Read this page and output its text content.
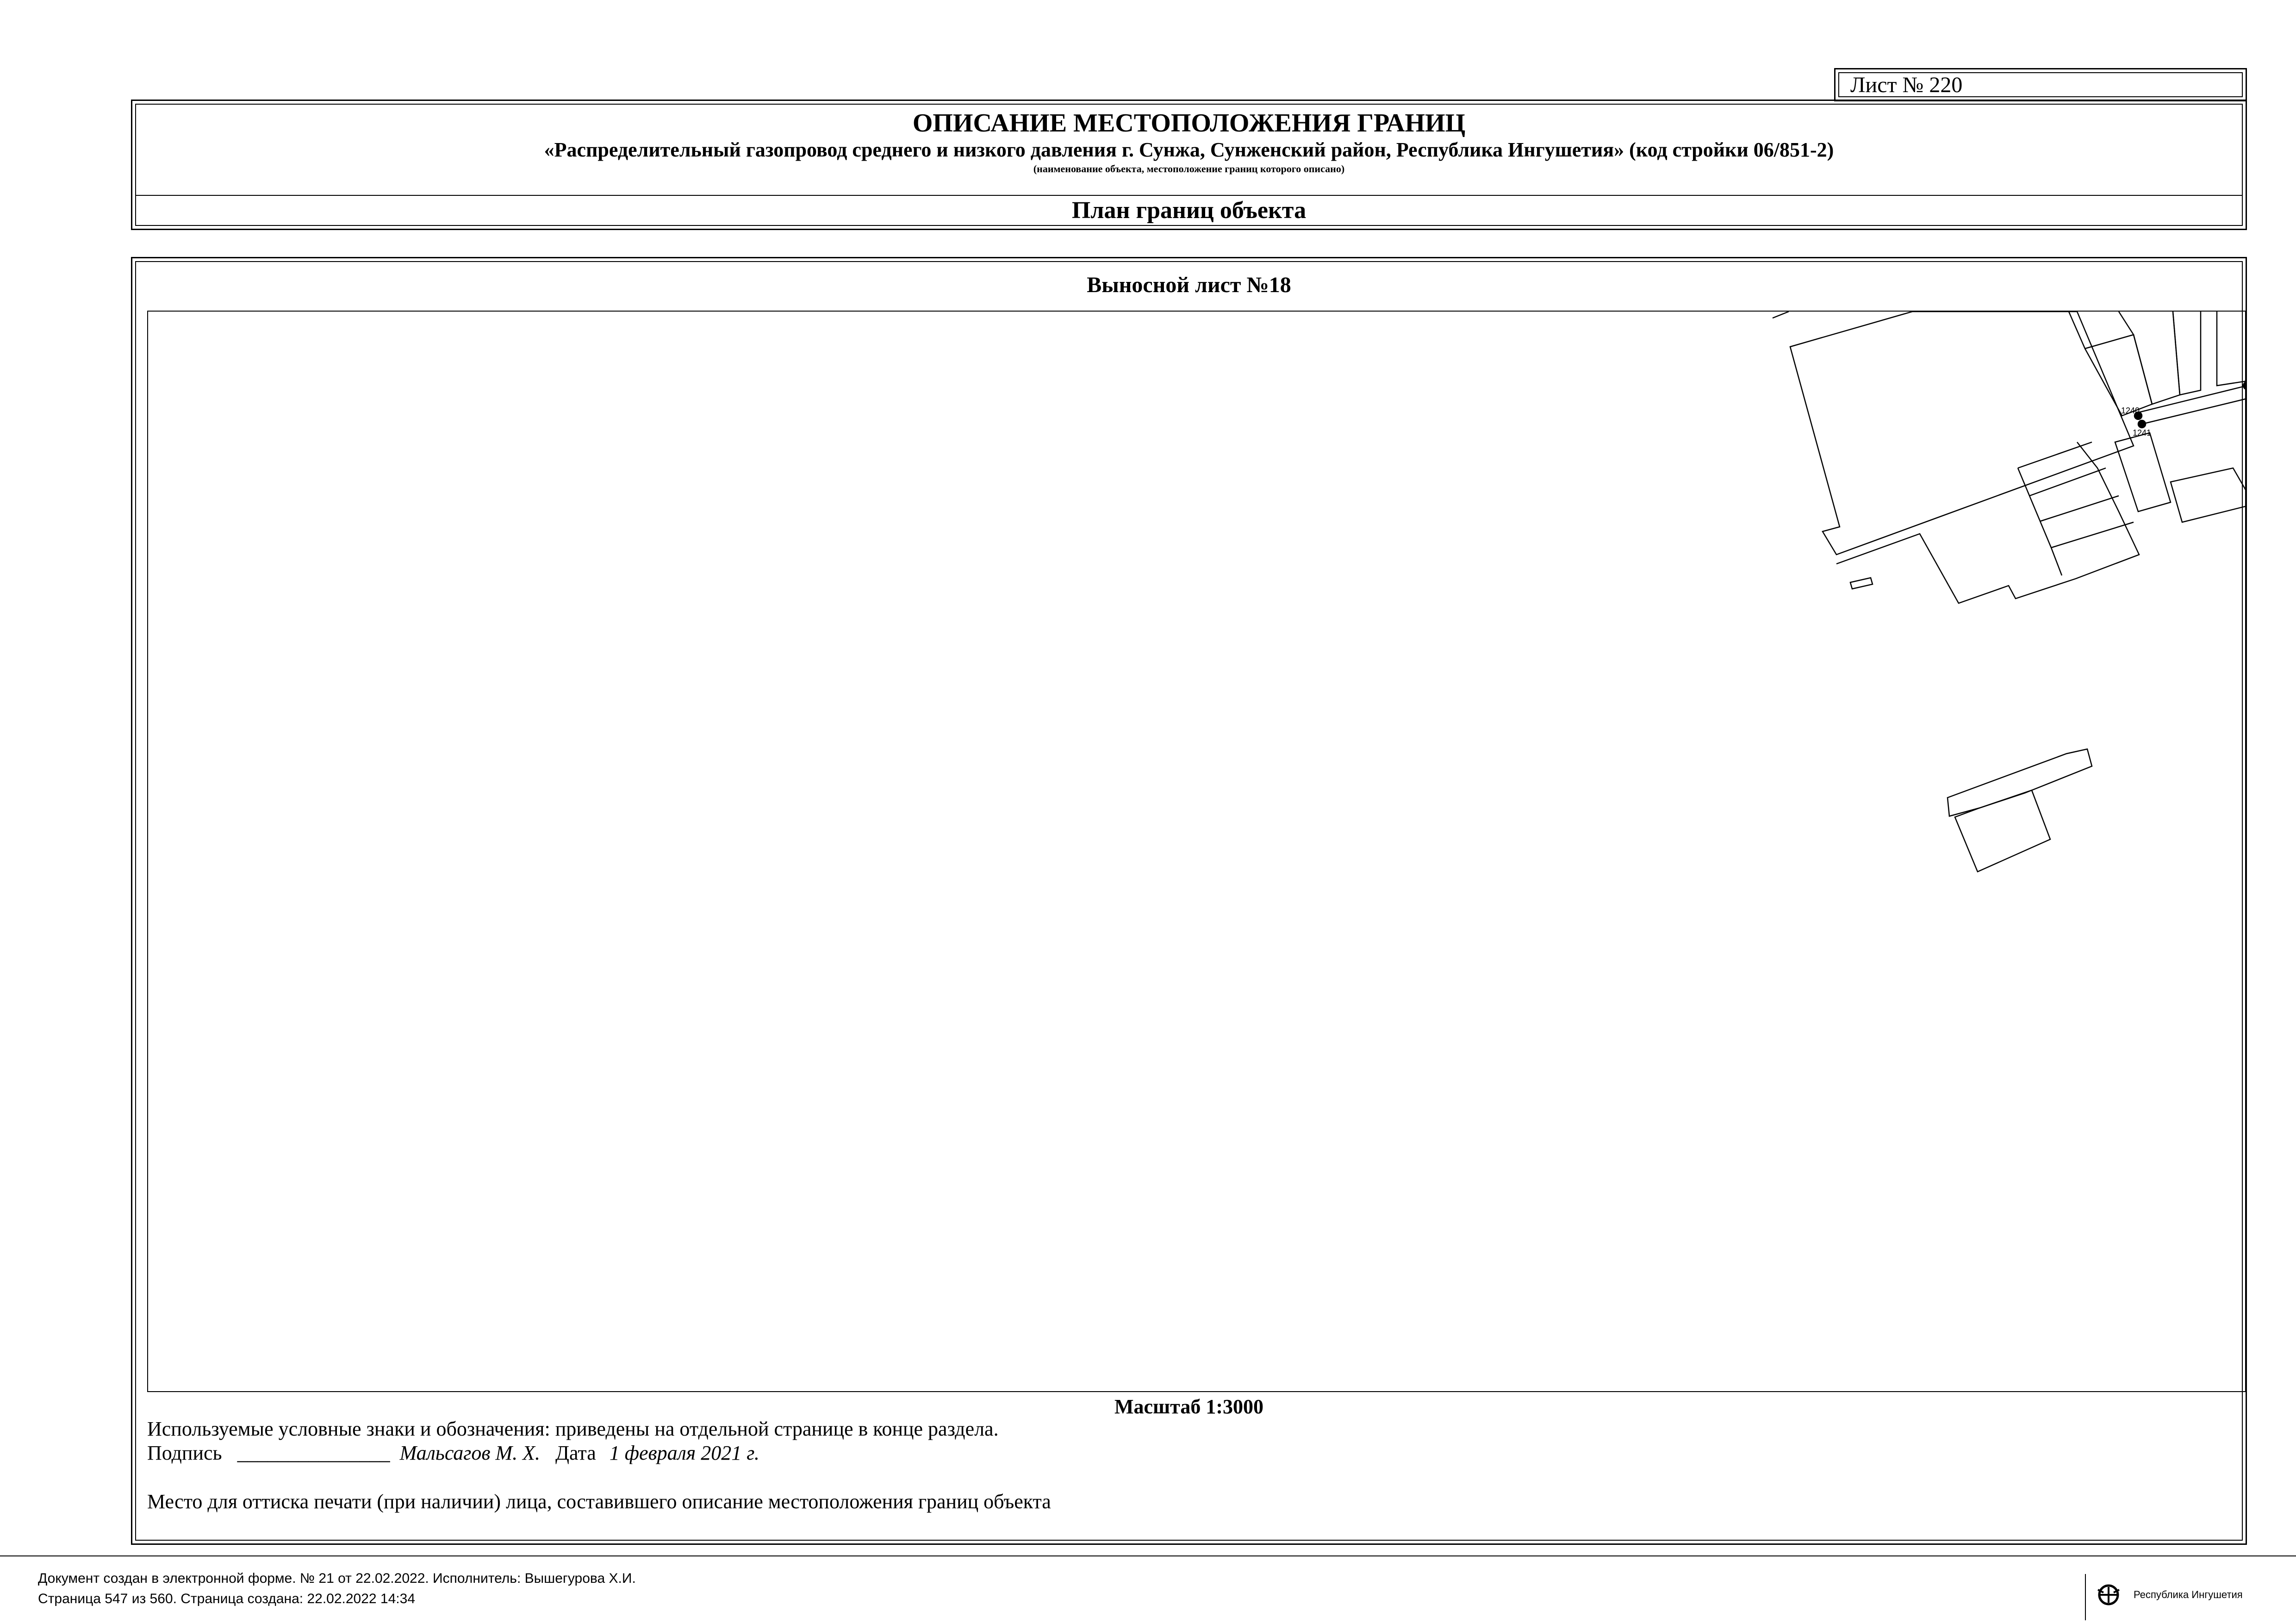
Лист № 220
ОПИСАНИЕ МЕСТОПОЛОЖЕНИЯ ГРАНИЦ
«Распределительный газопровод среднего и низкого давления г. Сунжа, Сунженский район, Республика Ингушетия» (код стройки 06/851-2)
(наименование объекта, местоположение границ которого описано)
План границ объекта
Выносной лист №18
1240
1241
Масштаб 1:3000
Используемые условные знаки и обозначения: приведены на отдельной странице в конце раздела.
Подпись _______________ Мальсагов М. Х. Дата 1 февраля 2021 г.
Место для оттиска печати (при наличии) лица, составившего описание местоположения границ объекта
Документ создан в электронной форме. № 21 от 22.02.2022. Исполнитель: Вышегурова Х.И.
Страница 547 из 560. Страница создана: 22.02.2022 14:34	Республика Ингушетия
